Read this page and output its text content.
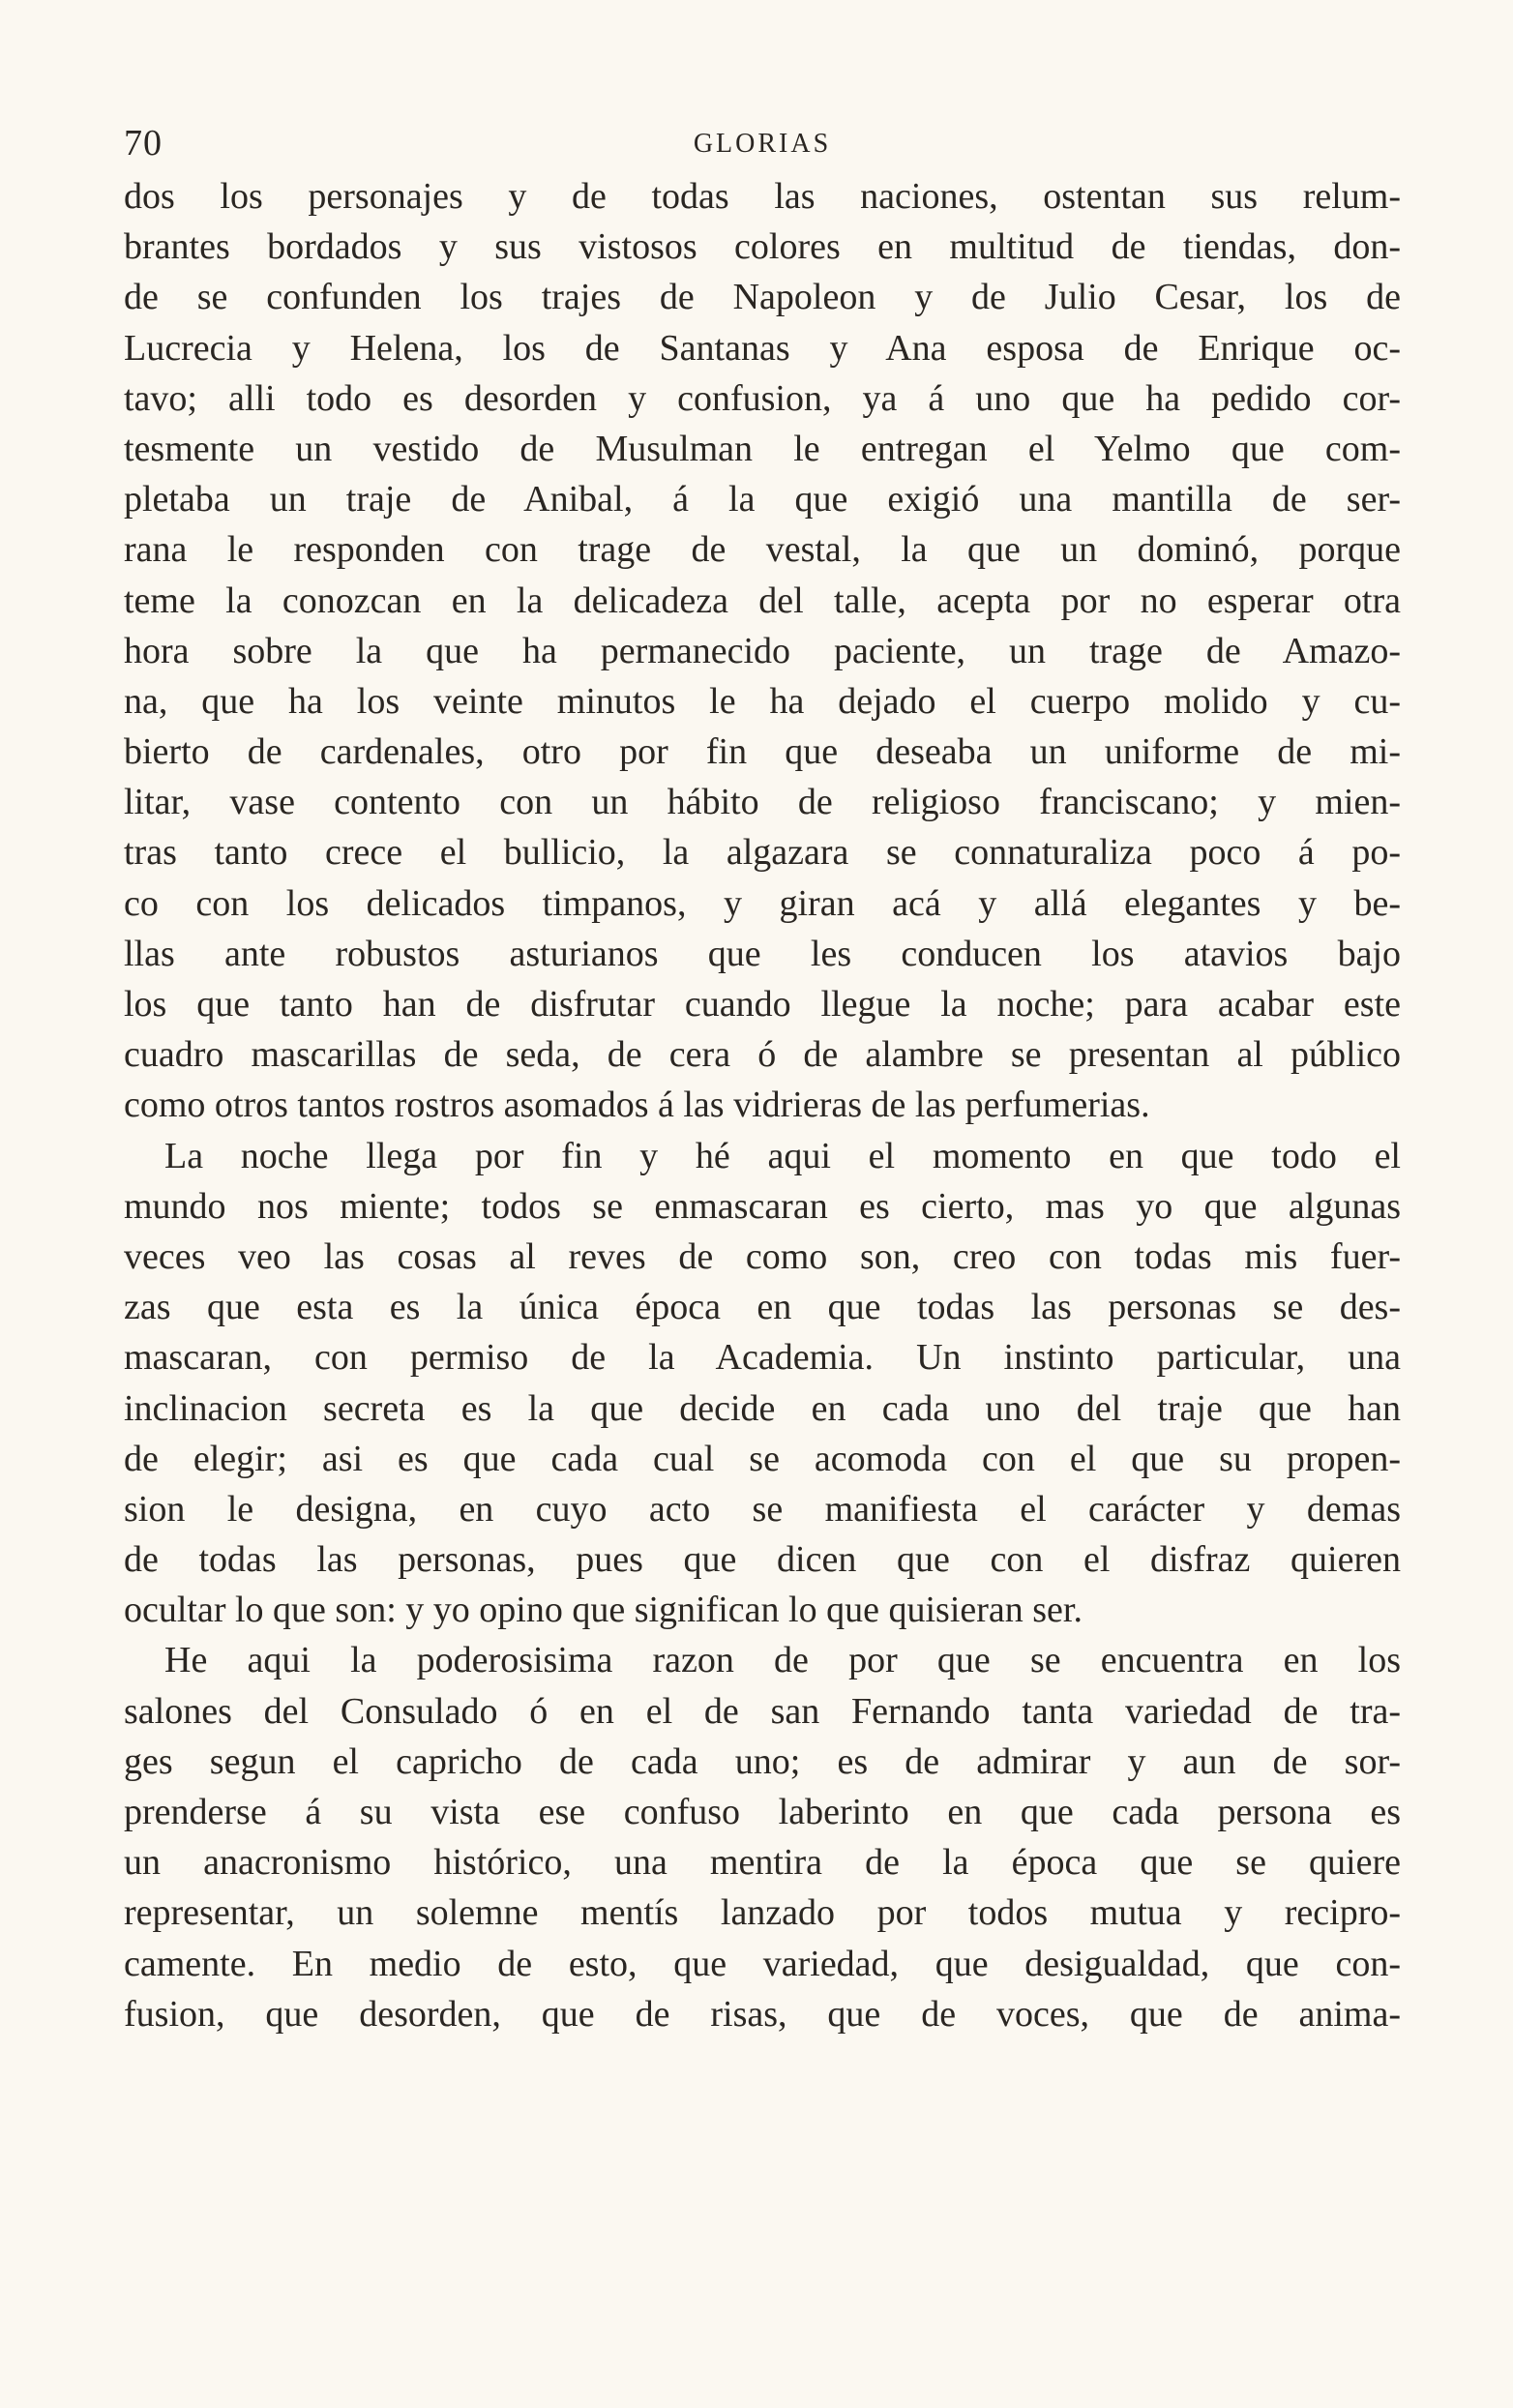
70	GLORIAS
dos los personajes y de todas las naciones, ostentan sus relum-
brantes bordados y sus vistosos colores en multitud de tiendas, don-
de se confunden los trajes de Napoleon y de Julio Cesar, los de
Lucrecia y Helena, los de Santanas y Ana esposa de Enrique oc-
tavo; alli todo es desorden y confusion, ya á uno que ha pedido cor-
tesmente un vestido de Musulman le entregan el Yelmo que com-
pletaba un traje de Anibal, á la que exigió una mantilla de ser-
rana le responden con trage de vestal, la que un dominó, porque
teme la conozcan en la delicadeza del talle, acepta por no esperar otra
hora sobre la que ha permanecido paciente, un trage de Amazo-
na, que ha los veinte minutos le ha dejado el cuerpo molido y cu-
bierto de cardenales, otro por fin que deseaba un uniforme de mi-
litar, vase contento con un hábito de religioso franciscano; y mien-
tras tanto crece el bullicio, la algazara se connaturaliza poco á po-
co con los delicados timpanos, y giran acá y allá elegantes y be-
llas ante robustos asturianos que les conducen los atavios bajo
los que tanto han de disfrutar cuando llegue la noche; para acabar este
cuadro mascarillas de seda, de cera ó de alambre se presentan al público
como otros tantos rostros asomados á las vidrieras de las perfumerias.
La noche llega por fin y hé aqui el momento en que todo el
mundo nos miente; todos se enmascaran es cierto, mas yo que algunas
veces veo las cosas al reves de como son, creo con todas mis fuer-
zas que esta es la única época en que todas las personas se des-
mascaran, con permiso de la Academia. Un instinto particular, una
inclinacion secreta es la que decide en cada uno del traje que han
de elegir; asi es que cada cual se acomoda con el que su propen-
sion le designa, en cuyo acto se manifiesta el carácter y demas
de todas las personas, pues que dicen que con el disfraz quieren
ocultar lo que son: y yo opino que significan lo que quisieran ser.
He aqui la poderosisima razon de por que se encuentra en los
salones del Consulado ó en el de san Fernando tanta variedad de tra-
ges segun el capricho de cada uno; es de admirar y aun de sor-
prenderse á su vista ese confuso laberinto en que cada persona es
un anacronismo histórico, una mentira de la época que se quiere
representar, un solemne mentís lanzado por todos mutua y recipro-
camente. En medio de esto, que variedad, que desigualdad, que con-
fusion, que desorden, que de risas, que de voces, que de anima-
